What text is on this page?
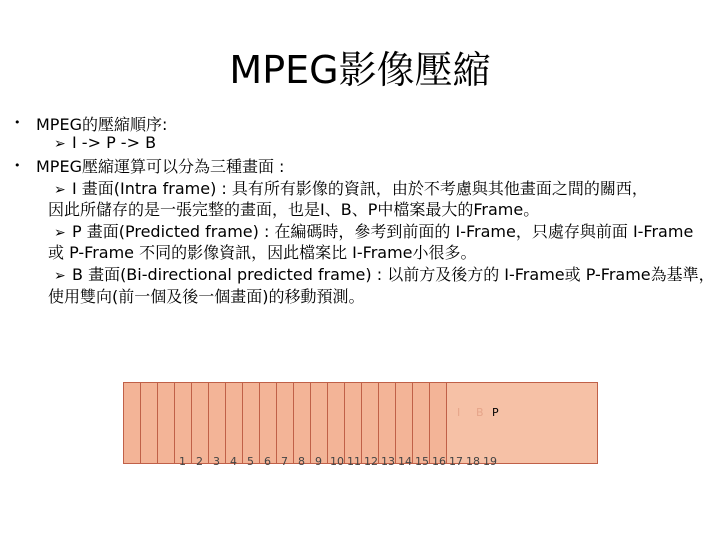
MPEG影像壓縮
• MPEG的壓縮順序:
➢ I -> P -> B
• MPEG壓縮運算可以分為三種畫面 :
➢ I 畫面(Intra frame) : 具有所有影像的資訊，由於不考慮與其他畫面之間的關西，
因此所儲存的是一張完整的畫面，也是I、B、P中檔案最大的Frame。
➢ P 畫面(Predicted frame) : 在編碼時，參考到前面的 I-Frame，只處存與前面 I-Frame
或 P-Frame 不同的影像資訊，因此檔案比 I-Frame小很多。
➢ B 畫面(Bi-directional predicted frame) : 以前方及後方的 I-Frame或 P-Frame為基準，
使用雙向(前一個及後一個畫面)的移動預測。
I B P
1 2 3 4 5 6 7 8 9 10 11 12 13 14 15 16 17 18 19
